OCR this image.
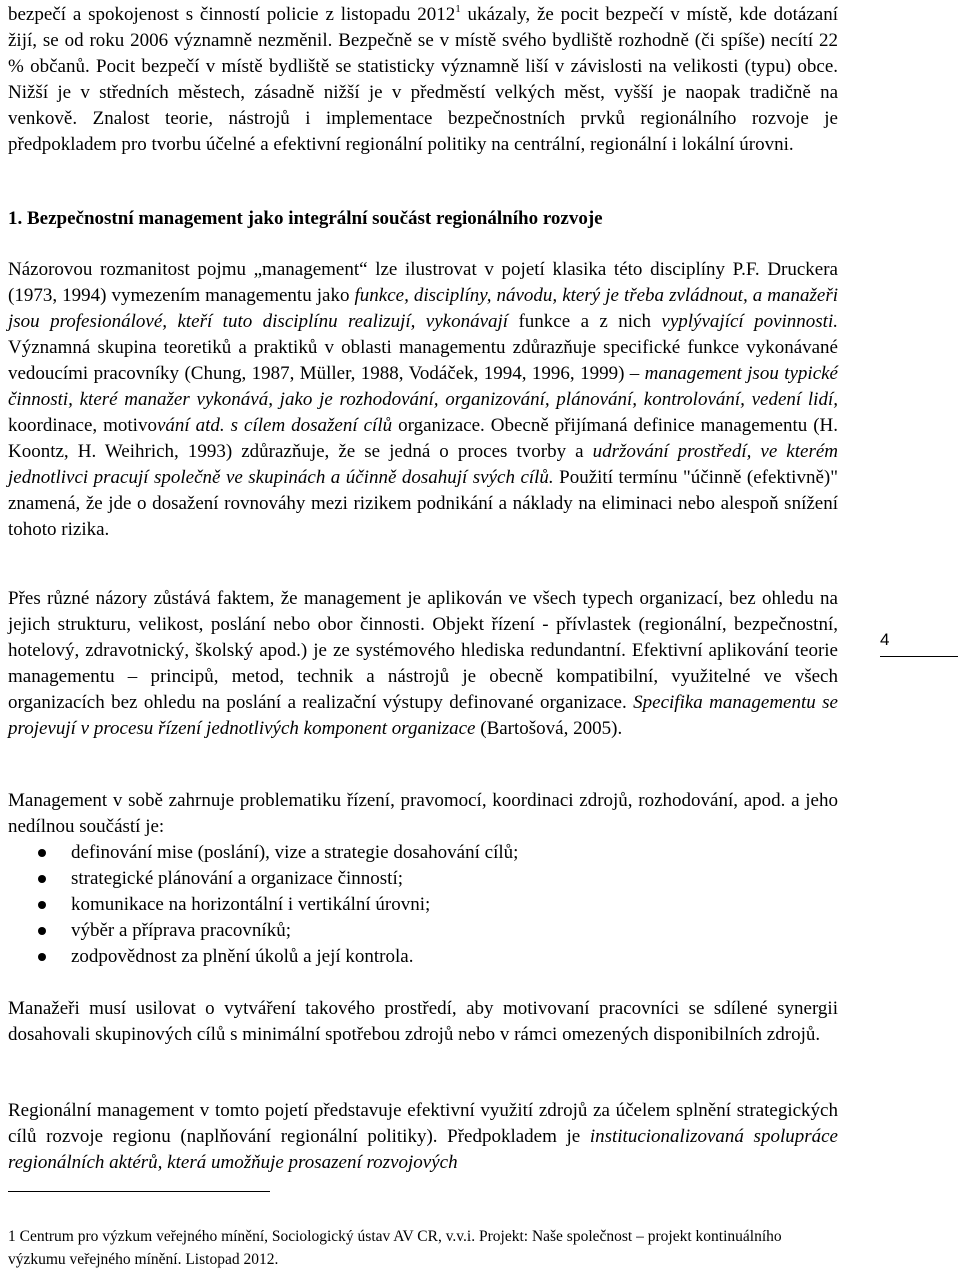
bezpečí a spokojenost s činností policie z listopadu 2012$^1$ ukázaly, že pocit bezpečí v místě, kde dotázaní žijí, se od roku 2006 významně nezměnil. Bezpečně se v místě svého bydliště rozhodně (či spíše) necítí 22 % občanů. Pocit bezpečí v místě bydliště se statisticky významně liší v závislosti na velikosti (typu) obce. Nižší je v středních městech, zásadně nižší je v předměstí velkých měst, vyšší je naopak tradičně na venkově. Znalost teorie, nástrojů i implementace bezpečnostních prvků regionálního rozvoje je předpokladem pro tvorbu účelné a efektivní regionální politiky na centrální, regionální i lokální úrovni.

1. Bezpečnostní management jako integrální součást regionálního rozvoje

Názorovou rozmanitost pojmu „management“ lze ilustrovat v pojetí klasika této disciplíny P.F. Druckera (1973, 1994) vymezením managementu jako funkce, disciplíny, návodu, který je třeba zvládnout, a manažeři jsou profesionálové, kteří tuto disciplínu realizují, vykonávají funkce a z nich vyplývající povinnosti. Významná skupina teoretiků a praktiků v oblasti managementu zdůrazňuje specifické funkce vykonávané vedoucími pracovníky (Chung, 1987, Müller, 1988, Vodáček, 1994, 1996, 1999) – management jsou typické činnosti, které manažer vykonává, jako je rozhodování, organizování, plánování, kontrolování, vedení lidí, koordinace, motivování atd. s cílem dosažení cílů organizace. Obecně přijímaná definice managementu (H. Koontz, H. Weihrich, 1993) zdůrazňuje, že se jedná o proces tvorby a udržování prostředí, ve kterém jednotlivci pracují společně ve skupinách a účinně dosahují svých cílů. Použití termínu "účinně (efektivně)" znamená, že jde o dosažení rovnováhy mezi rizikem podnikání a náklady na eliminaci nebo alespoň snížení tohoto rizika.

Přes různé názory zůstává faktem, že management je aplikován ve všech typech organizací, bez ohledu na jejich strukturu, velikost, poslání nebo obor činnosti. Objekt řízení - přívlastek (regionální, bezpečnostní, hotelový, zdravotnický, školský apod.) je ze systémového hlediska redundantní. Efektivní aplikování teorie managementu – principů, metod, technik a nástrojů je obecně kompatibilní, využitelné ve všech organizacích bez ohledu na poslání a realizační výstupy definované organizace. Specifika managementu se projevují v procesu řízení jednotlivých komponent organizace (Bartošová, 2005).

Management v sobě zahrnuje problematiku řízení, pravomocí, koordinaci zdrojů, rozhodování, apod. a jeho nedílnou součástí je:

definování mise (poslání), vize a strategie dosahování cílů;
strategické plánování a organizace činností;
komunikace na horizontální i vertikální úrovni;
výběr a příprava pracovníků;
zodpovědnost za plnění úkolů a její kontrola.

Manažeři musí usilovat o vytváření takového prostředí, aby motivovaní pracovníci se sdílené synergii dosahovali skupinových cílů s minimální spotřebou zdrojů nebo v rámci omezených disponibilních zdrojů.

Regionální management v tomto pojetí představuje efektivní využití zdrojů za účelem splnění strategických cílů rozvoje regionu (naplňování regionální politiky). Předpokladem je institucionalizovaná spolupráce regionálních aktérů, která umožňuje prosazení rozvojových

4

1 Centrum pro výzkum veřejného mínění, Sociologický ústav AV CR, v.v.i. Projekt: Naše společnost – projekt kontinuálního výzkumu veřejného mínění. Listopad 2012.
